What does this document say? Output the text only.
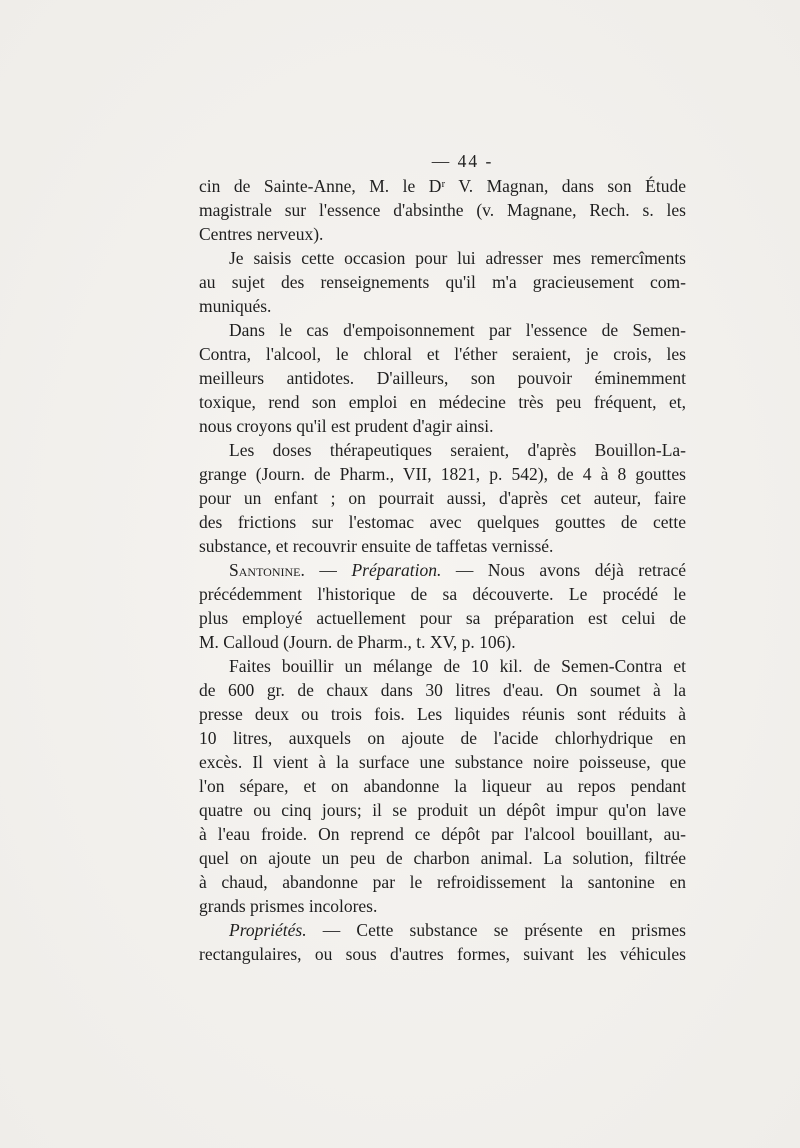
— 44 -
cin de Sainte-Anne, M. le Dʳ V. Magnan, dans son Étude
magistrale sur l'essence d'absinthe (v. Magnane, Rech. s. les
Centres nerveux).
Je saisis cette occasion pour lui adresser mes remercîments
au sujet des renseignements qu'il m'a gracieusement com-
muniqués.
Dans le cas d'empoisonnement par l'essence de Semen-
Contra, l'alcool, le chloral et l'éther seraient, je crois, les
meilleurs antidotes. D'ailleurs, son pouvoir éminemment
toxique, rend son emploi en médecine très peu fréquent, et,
nous croyons qu'il est prudent d'agir ainsi.
Les doses thérapeutiques seraient, d'après Bouillon-La-
grange (Journ. de Pharm., VII, 1821, p. 542), de 4 à 8 gouttes
pour un enfant ; on pourrait aussi, d'après cet auteur, faire
des frictions sur l'estomac avec quelques gouttes de cette
substance, et recouvrir ensuite de taffetas vernissé.
Santonine. — Préparation. — Nous avons déjà retracé
précédemment l'historique de sa découverte. Le procédé le
plus employé actuellement pour sa préparation est celui de
M. Calloud (Journ. de Pharm., t. XV, p. 106).
Faites bouillir un mélange de 10 kil. de Semen-Contra et
de 600 gr. de chaux dans 30 litres d'eau. On soumet à la
presse deux ou trois fois. Les liquides réunis sont réduits à
10 litres, auxquels on ajoute de l'acide chlorhydrique en
excès. Il vient à la surface une substance noire poisseuse, que
l'on sépare, et on abandonne la liqueur au repos pendant
quatre ou cinq jours; il se produit un dépôt impur qu'on lave
à l'eau froide. On reprend ce dépôt par l'alcool bouillant, au-
quel on ajoute un peu de charbon animal. La solution, filtrée
à chaud, abandonne par le refroidissement la santonine en
grands prismes incolores.
Propriétés. — Cette substance se présente en prismes
rectangulaires, ou sous d'autres formes, suivant les véhicules
